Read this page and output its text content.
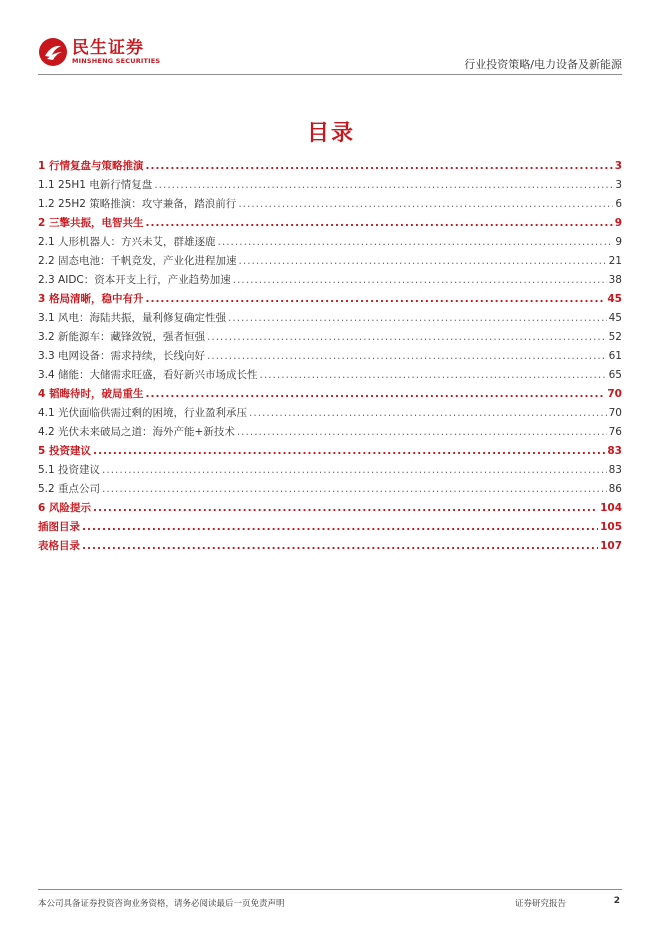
民生证券
MINSHENG SECURITIES	行业投资策略/电力设备及新能源
目录
1 行情复盘与策略推演 .....	3
1.1 25H1 电新行情复盘 .....	3
1.2 25H2 策略推演：攻守兼备，踏浪前行 .....	6
2 三擎共振，电智共生 .....	9
2.1 人形机器人：方兴未艾，群雄逐鹿 .....	9
2.2 固态电池：千帆竞发，产业化进程加速 .....	21
2.3 AIDC：资本开支上行，产业趋势加速 .....	38
3 格局清晰，稳中有升 .....	45
3.1 风电：海陆共振，量利修复确定性强 .....	45
3.2 新能源车：藏锋敛锐，强者恒强 .....	52
3.3 电网设备：需求持续，长线向好 .....	61
3.4 储能：大储需求旺盛，看好新兴市场成长性 .....	65
4 韬晦待时，破局重生 .....	70
4.1 光伏面临供需过剩的困境，行业盈利承压 .....	70
4.2 光伏未来破局之道：海外产能+新技术 .....	76
5 投资建议 .....	83
5.1 投资建议 .....	83
5.2 重点公司 .....	86
6 风险提示 .....	104
插图目录 .....	105
表格目录 .....	107
本公司具备证券投资咨询业务资格，请务必阅读最后一页免责声明	证券研究报告	2
